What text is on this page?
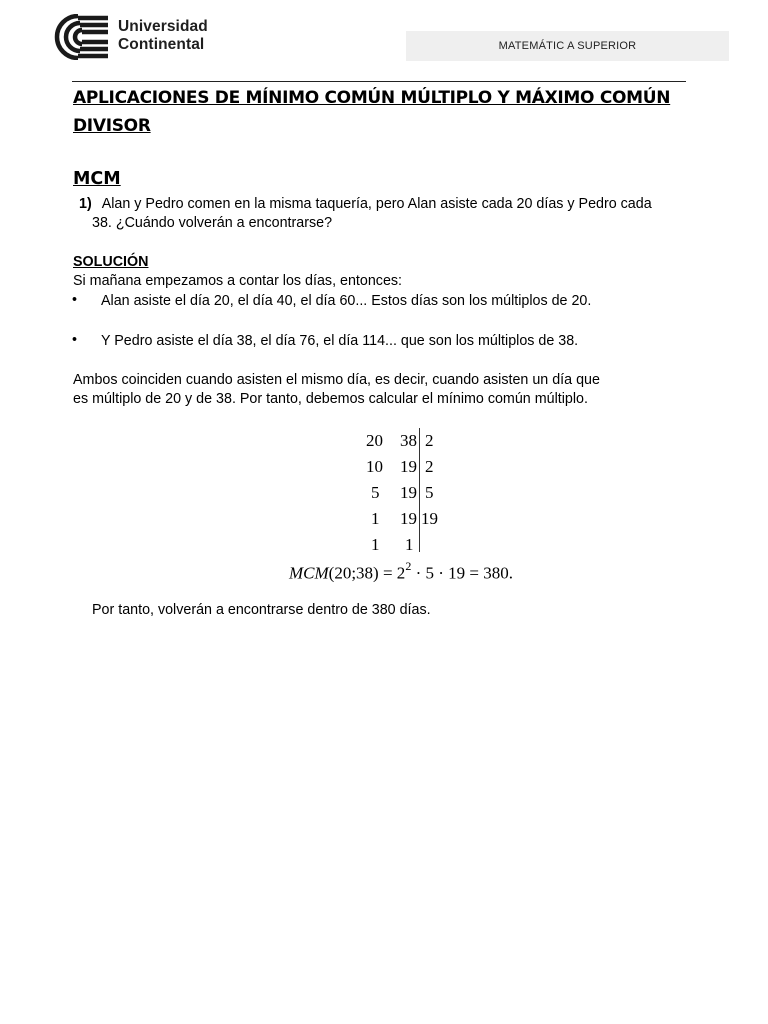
Universidad
Continental	MATEMÁTIC A SUPERIOR
APLICACIONES DE MÍNIMO COMÚN MÚLTIPLO Y MÁXIMO COMÚN DIVISOR
MCM
1) Alan y Pedro comen en la misma taquería, pero Alan asiste cada 20 días y Pedro cada
38. ¿Cuándo volverán a encontrarse?
SOLUCIÓN
Si mañana empezamos a contar los días, entonces:
• Alan asiste el día 20, el día 40, el día 60... Estos días son los múltiplos de 20.
• Y Pedro asiste el día 38, el día 76, el día 114... que son los múltiplos de 38.
Ambos coinciden cuando asisten el mismo día, es decir, cuando asisten un día que
es múltiplo de 20 y de 38. Por tanto, debemos calcular el mínimo común múltiplo.
20 38 2
10 19 2
5 19 5
1 19 19
1 1
MCM(20;38) = $2^2 \cdot 5 \cdot 19 = 380$.
Por tanto, volverán a encontrarse dentro de 380 días.
